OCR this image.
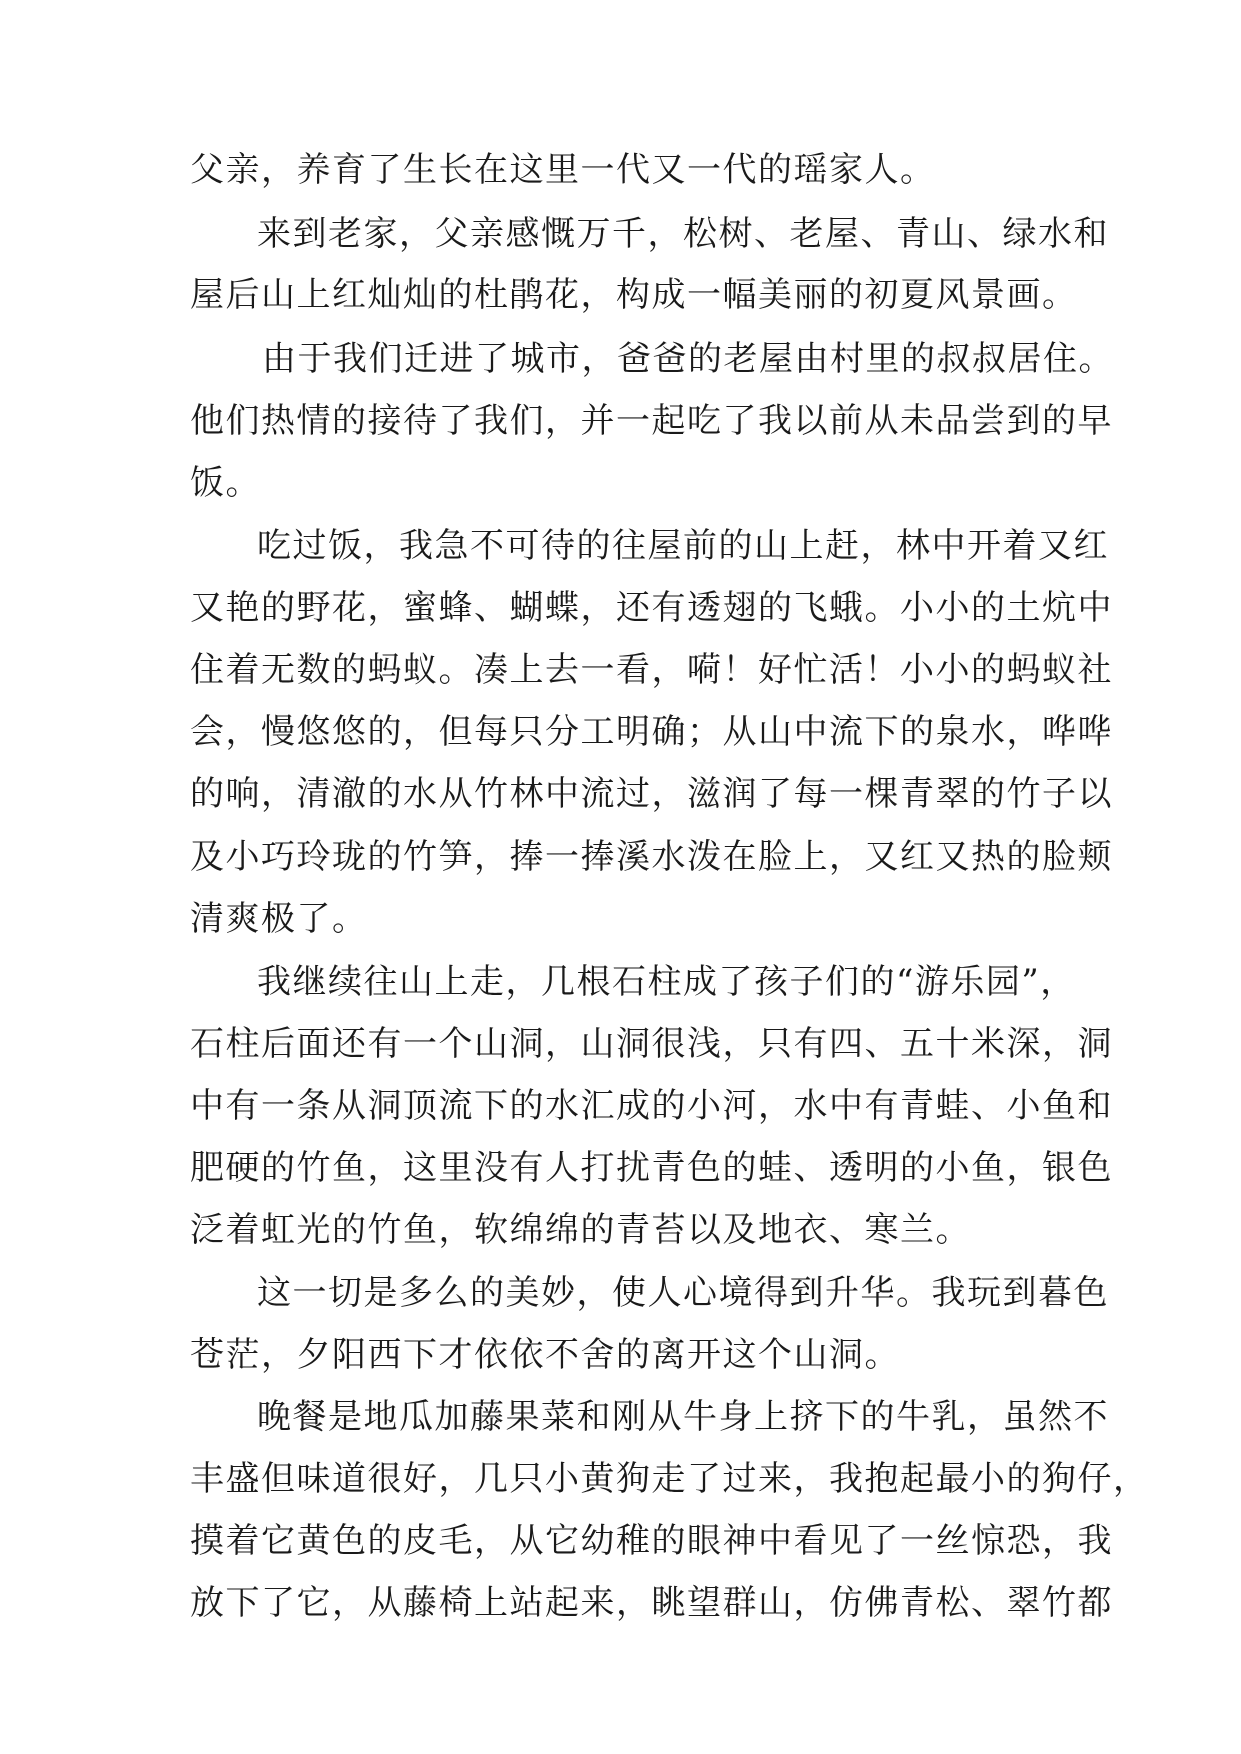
父亲，养育了生长在这里一代又一代的瑶家人。
来到老家，父亲感慨万千，松树、老屋、青山、绿水和
屋后山上红灿灿的杜鹃花，构成一幅美丽的初夏风景画。
由于我们迁进了城市，爸爸的老屋由村里的叔叔居住。
他们热情的接待了我们，并一起吃了我以前从未品尝到的早
饭。
吃过饭，我急不可待的往屋前的山上赶，林中开着又红
又艳的野花，蜜蜂、蝴蝶，还有透翅的飞蛾。小小的土炕中
住着无数的蚂蚁。凑上去一看，嗬！好忙活！小小的蚂蚁社
会，慢悠悠的，但每只分工明确；从山中流下的泉水，哗哗
的响，清澈的水从竹林中流过，滋润了每一棵青翠的竹子以
及小巧玲珑的竹笋，捧一捧溪水泼在脸上，又红又热的脸颊
清爽极了。
我继续往山上走，几根石柱成了孩子们的“游乐园”，
石柱后面还有一个山洞，山洞很浅，只有四、五十米深，洞
中有一条从洞顶流下的水汇成的小河，水中有青蛙、小鱼和
肥硬的竹鱼，这里没有人打扰青色的蛙、透明的小鱼，银色
泛着虹光的竹鱼，软绵绵的青苔以及地衣、寒兰。
这一切是多么的美妙，使人心境得到升华。我玩到暮色
苍茫，夕阳西下才依依不舍的离开这个山洞。
晚餐是地瓜加藤果菜和刚从牛身上挤下的牛乳，虽然不
丰盛但味道很好，几只小黄狗走了过来，我抱起最小的狗仔，
摸着它黄色的皮毛，从它幼稚的眼神中看见了一丝惊恐，我
放下了它，从藤椅上站起来，眺望群山，仿佛青松、翠竹都
